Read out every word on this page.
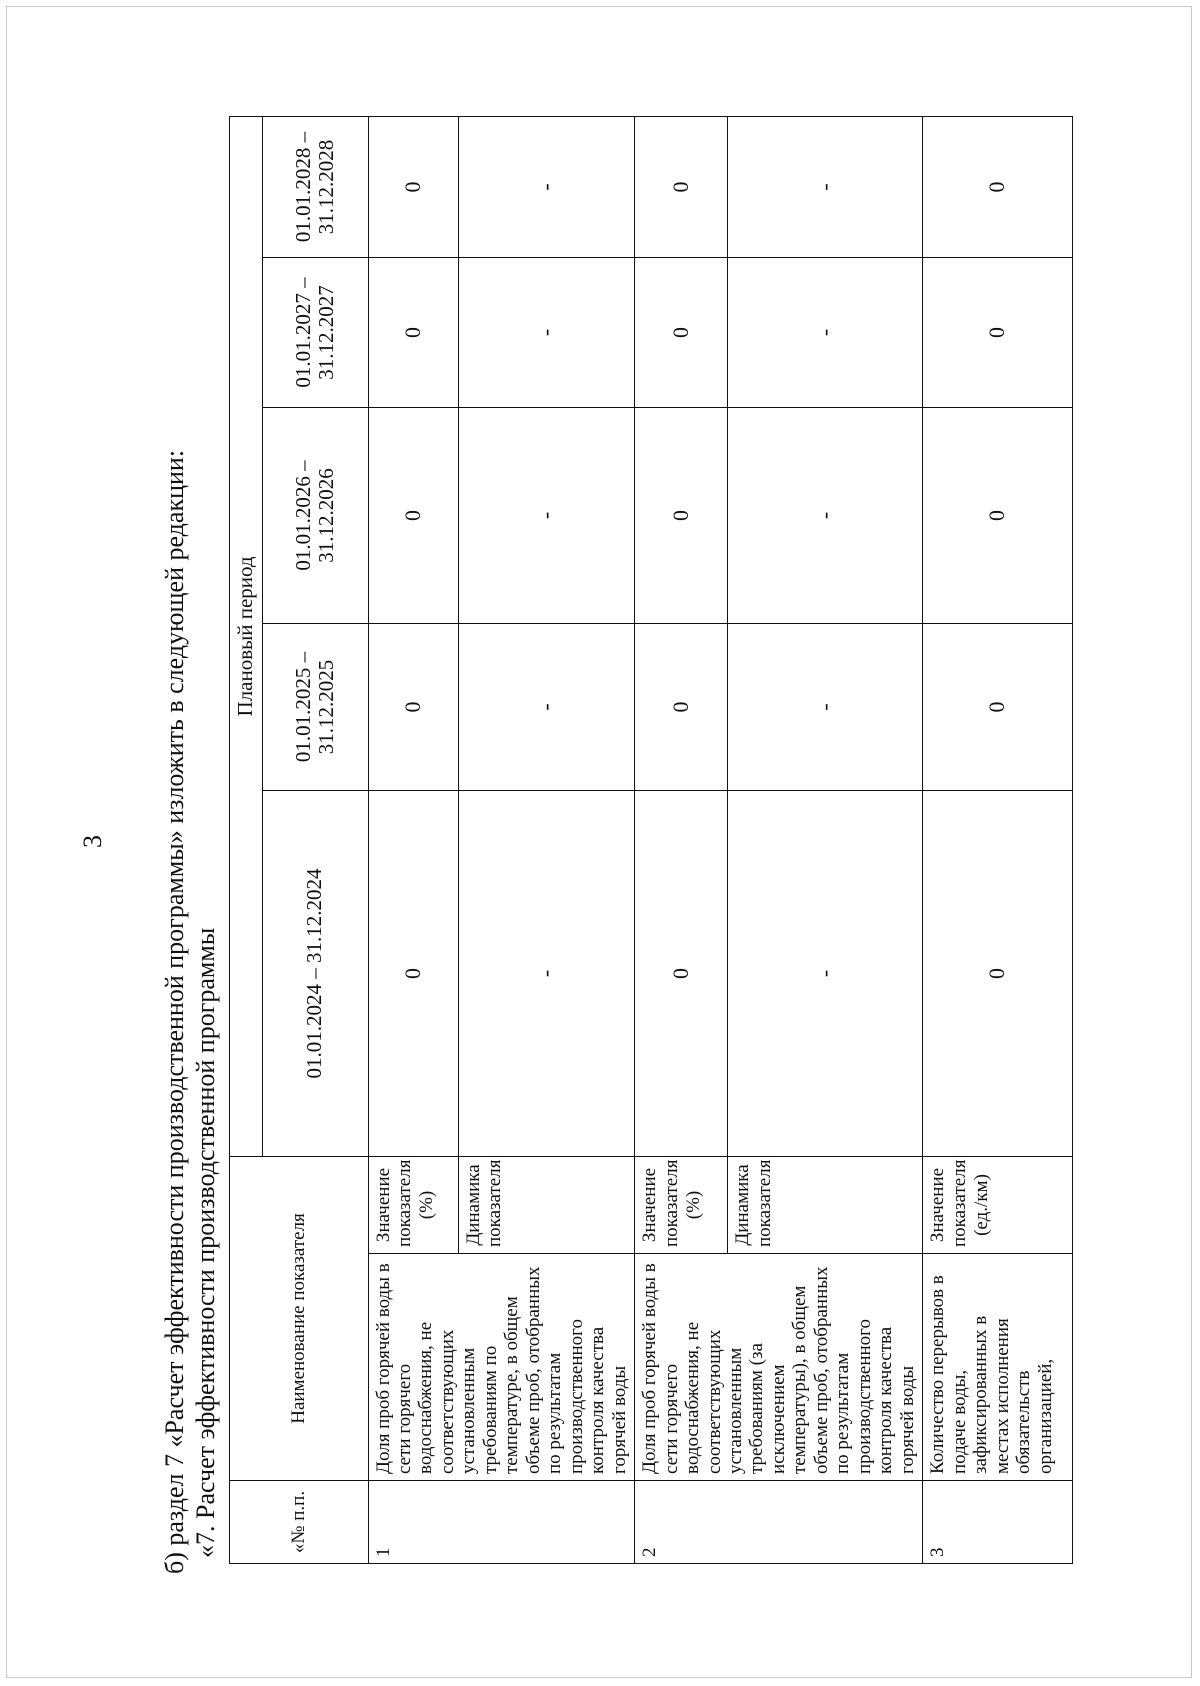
3 б) раздел 7 «Расчет эффективности производственной программы» изложить в следующей редакции: «7. Расчет эффективности производственной программы	«№ п.п.	Наименование показателя		Плановый период				
			01.01.2024 – 31.12.2024	01.01.2025 – 31.12.2025	01.01.2026 – 31.12.2026	01.01.2027 – 31.12.2027	01.01.2028 – 31.12.2028
1	Доля проб горячей воды в сети горячего водоснабжения, не соответствующих установленным требованиям по температуре, в общем объеме проб, отобранных по результатам производственного контроля качества горячей воды	Значение показателя (%)	0	0	0	0	0
		Динамика показателя	-	-	-	-	-
2	Доля проб горячей воды в сети горячего водоснабжения, не соответствующих установленным требованиям (за исключением температуры), в общем объеме проб, отобранных по результатам производственного контроля качества горячей воды	Значение показателя (%)	0	0	0	0	0
		Динамика показателя	-	-	-	-	-
3	Количество перерывов в подаче воды, зафиксированных в местах исполнения обязательств организацией,	Значение показателя (ед./км)	0	0	0	0	0
